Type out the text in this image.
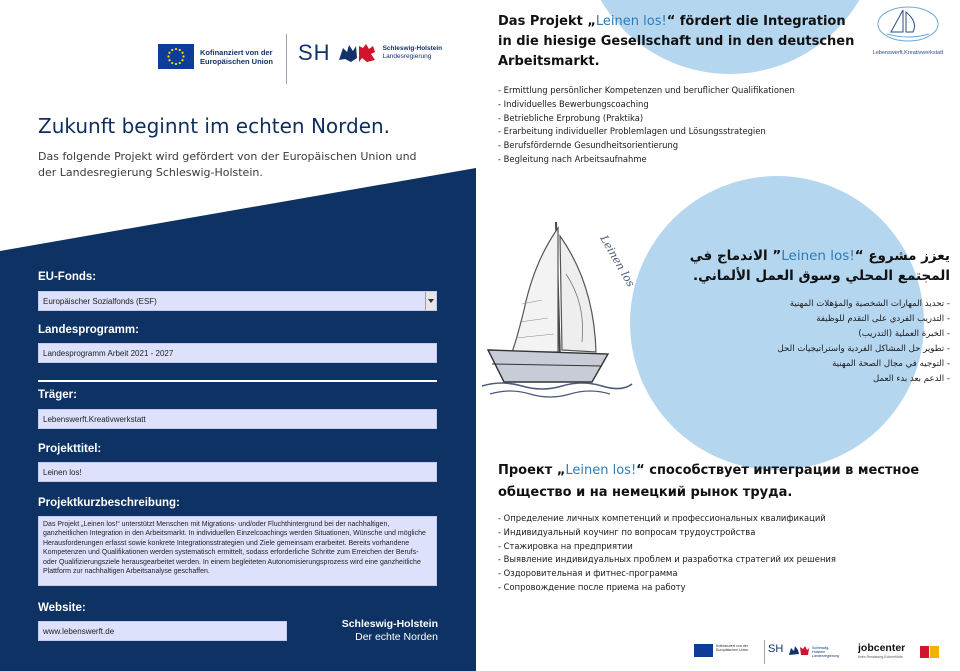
Kofinanziert von der Europäischen Union	SH	Schleswig-Holstein
Landesregierung
Zukunft beginnt im echten Norden.
Das folgende Projekt wird gefördert von der Europäischen Union und der Landesregierung Schleswig-Holstein.
EU-Fonds:
Europäischer Sozialfonds (ESF)
Landesprogramm:
Landesprogramm Arbeit 2021 - 2027
Träger:
Lebenswerft.Kreativwerkstatt
Projekttitel:
Leinen los!
Projektkurzbeschreibung:
Das Projekt „Leinen los!“ unterstützt Menschen mit Migrations- und/oder Fluchthintergrund bei der nachhaltigen, ganzheitlichen Integration in den Arbeitsmarkt. In individuellen Einzelcoachings werden Situationen, Wünsche und mögliche Herausforderungen erfasst sowie konkrete Integrationsstrategien und Ziele gemeinsam erarbeitet. Bereits vorhandene Kompetenzen und Qualifikationen werden systematisch ermittelt, sodass erforderliche Schritte zum Erreichen der Berufs- oder Qualifizierungsziele herausgearbeitet werden. In einem begleiteten Autonomisierungsprozess wird eine ganzheitliche Plattform zur nachhaltigen Arbeitsanalyse geschaffen.
Website:
www.lebenswerft.de
Schleswig-Holstein
Der echte Norden
Lebenswerft.Kreativwerkstatt
Das Projekt „Leinen los!“ fördert die Integration in die hiesige Gesellschaft und in den deutschen Arbeitsmarkt.
- Ermittlung persönlicher Kompetenzen und beruflicher Qualifikationen
- Individuelles Bewerbungscoaching
- Betriebliche Erprobung (Praktika)
- Erarbeitung individueller Problemlagen und Lösungsstrategien
- Berufsfördernde Gesundheitsorientierung
- Begleitung nach Arbeitsaufnahme
Leinen los	يعزز مشروع “Leinen los!” الاندماج في المجتمع المحلي وسوق العمل الألماني.
- تحديد المهارات الشخصية والمؤهلات المهنية
- التدريب الفردي على التقدم للوظيفة
- الخبرة العملية (التدريب)
- تطوير حل المشاكل الفردية واستراتيجيات الحل
- التوجيه في مجال الصحة المهنية
- الدعم بعد بدء العمل
Проект „Leinen los!“ способствует интеграции в местное общество и на немецкий рынок труда.
- Определение личных компетенций и профессиональных квалификаций
- Индивидуальный коучинг по вопросам трудоустройства
- Стажировка на предприятии
- Выявление индивидуальных проблем и разработка стратегий их решения
- Оздоровительная и фитнес-программа
- Сопровождение после приема на работу
Kofinanziert von der Europäischen Union	SH	Schleswig-Holstein Landesregierung
jobcenter
Kreis Rendsburg-Eckernförde
